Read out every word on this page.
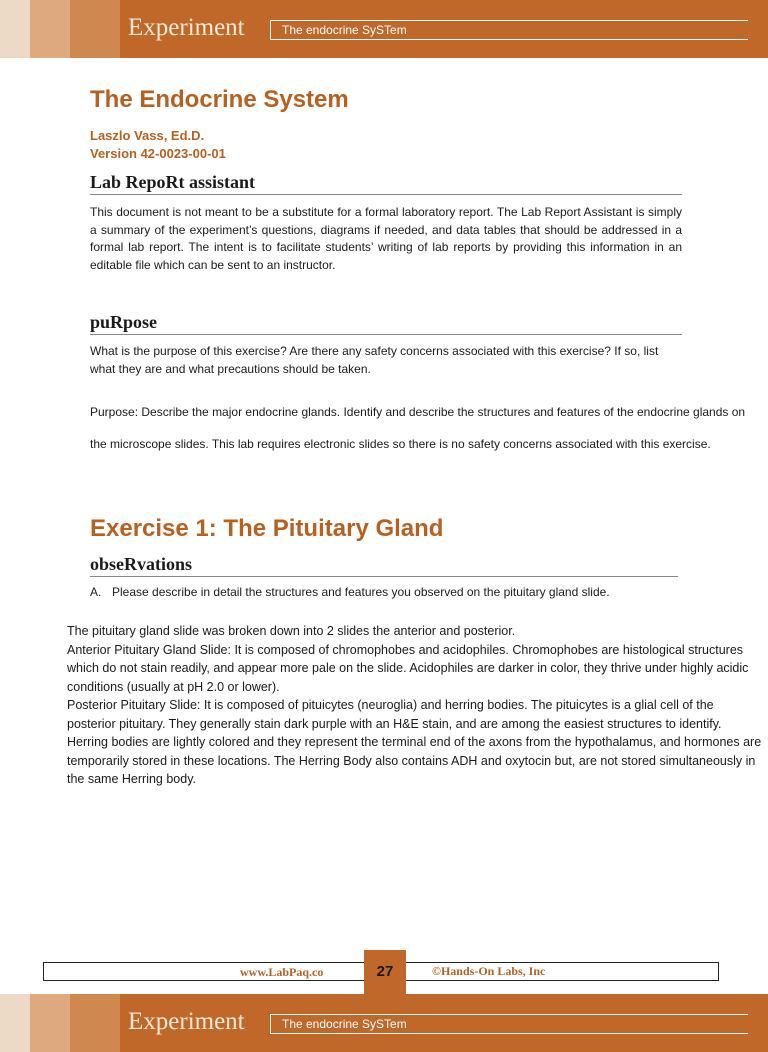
Experiment	The endocrine SySTem
The Endocrine System
Laszlo Vass, Ed.D.
Version 42-0023-00-01
Lab RepoRt assistant
This document is not meant to be a substitute for a formal laboratory report. The Lab Report Assistant is simply a summary of the experiment’s questions, diagrams if needed, and data tables that should be addressed in a formal lab report. The intent is to facilitate students’ writing of lab reports by providing this information in an editable file which can be sent to an instructor.
puRpose
What is the purpose of this exercise? Are there any safety concerns associated with this exercise? If so, list what they are and what precautions should be taken.
Purpose: Describe the major endocrine glands. Identify and describe the structures and features of the endocrine glands on the microscope slides. This lab requires electronic slides so there is no safety concerns associated with this exercise.
Exercise 1: The Pituitary Gland
obseRvations
A. Please describe in detail the structures and features you observed on the pituitary gland slide.
The pituitary gland slide was broken down into 2 slides the anterior and posterior.
Anterior Pituitary Gland Slide: It is composed of chromophobes and acidophiles. Chromophobes are histological structures which do not stain readily, and appear more pale on the slide. Acidophiles are darker in color, they thrive under highly acidic conditions (usually at pH 2.0 or lower).
Posterior Pituitary Slide: It is composed of pituicytes (neuroglia) and herring bodies. The pituicytes is a glial cell of the posterior pituitary. They generally stain dark purple with an H&E stain, and are among the easiest structures to identify. Herring bodies are lightly colored and they represent the terminal end of the axons from the hypothalamus, and hormones are temporarily stored in these locations. The Herring Body also contains ADH and oxytocin but, are not stored simultaneously in the same Herring body.
www.LabPaq.co	27	©Hands-On Labs, Inc
Experiment	The endocrine SySTem
